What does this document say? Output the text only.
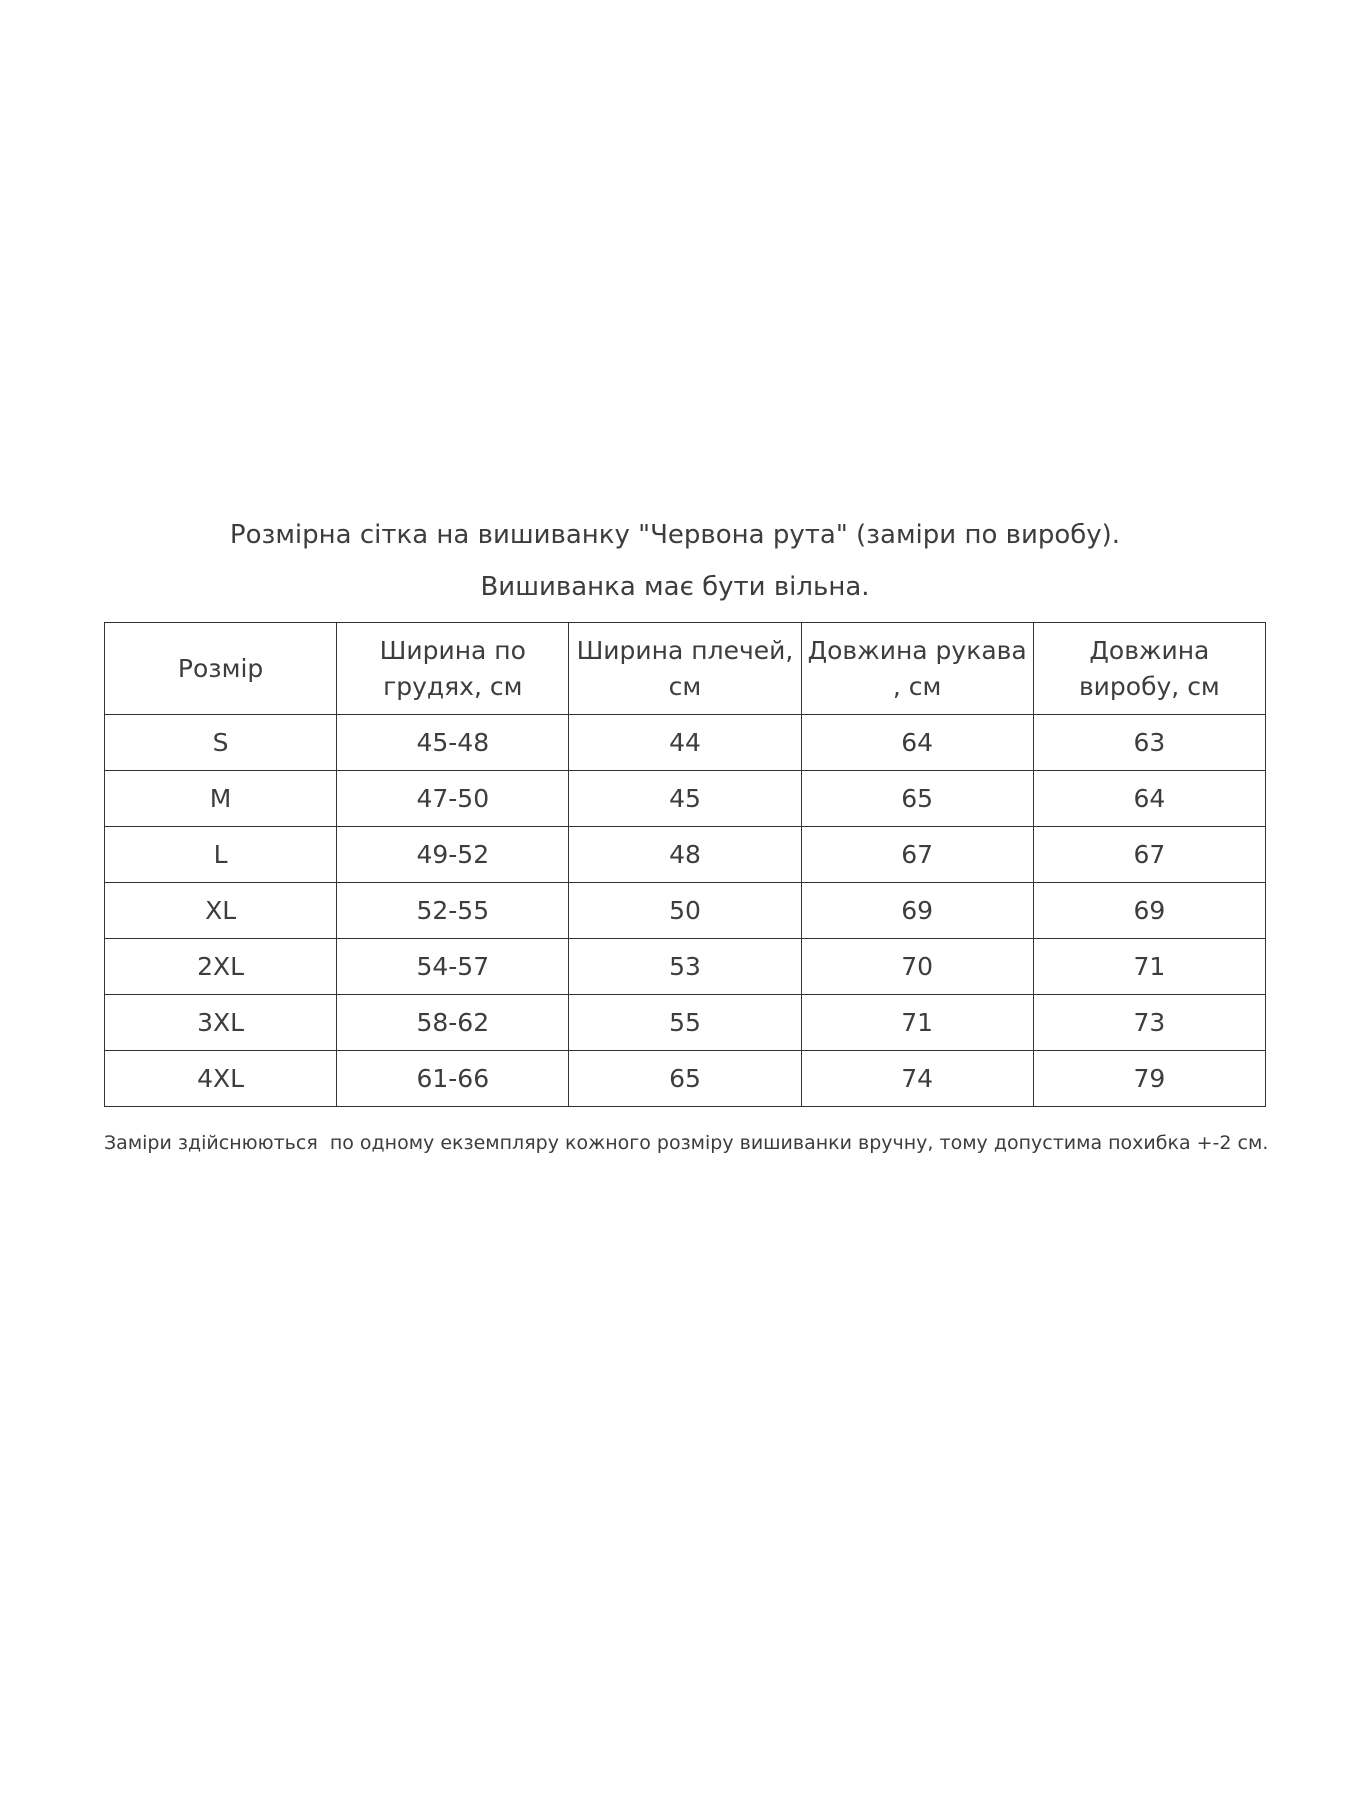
Розмірна сітка на вишиванку "Червона рута" (заміри по виробу).
Вишиванка має бути вільна.
Розмір	Ширина по грудях, см	Ширина плечей, см	Довжина рукава , см	Довжина виробу, см
S	45-48	44	64	63
M	47-50	45	65	64
L	49-52	48	67	67
XL	52-55	50	69	69
2XL	54-57	53	70	71
3XL	58-62	55	71	73
4XL	61-66	65	74	79
Заміри здійснюються  по одному екземпляру кожного розміру вишиванки вручну, тому допустима похибка +-2 см.
